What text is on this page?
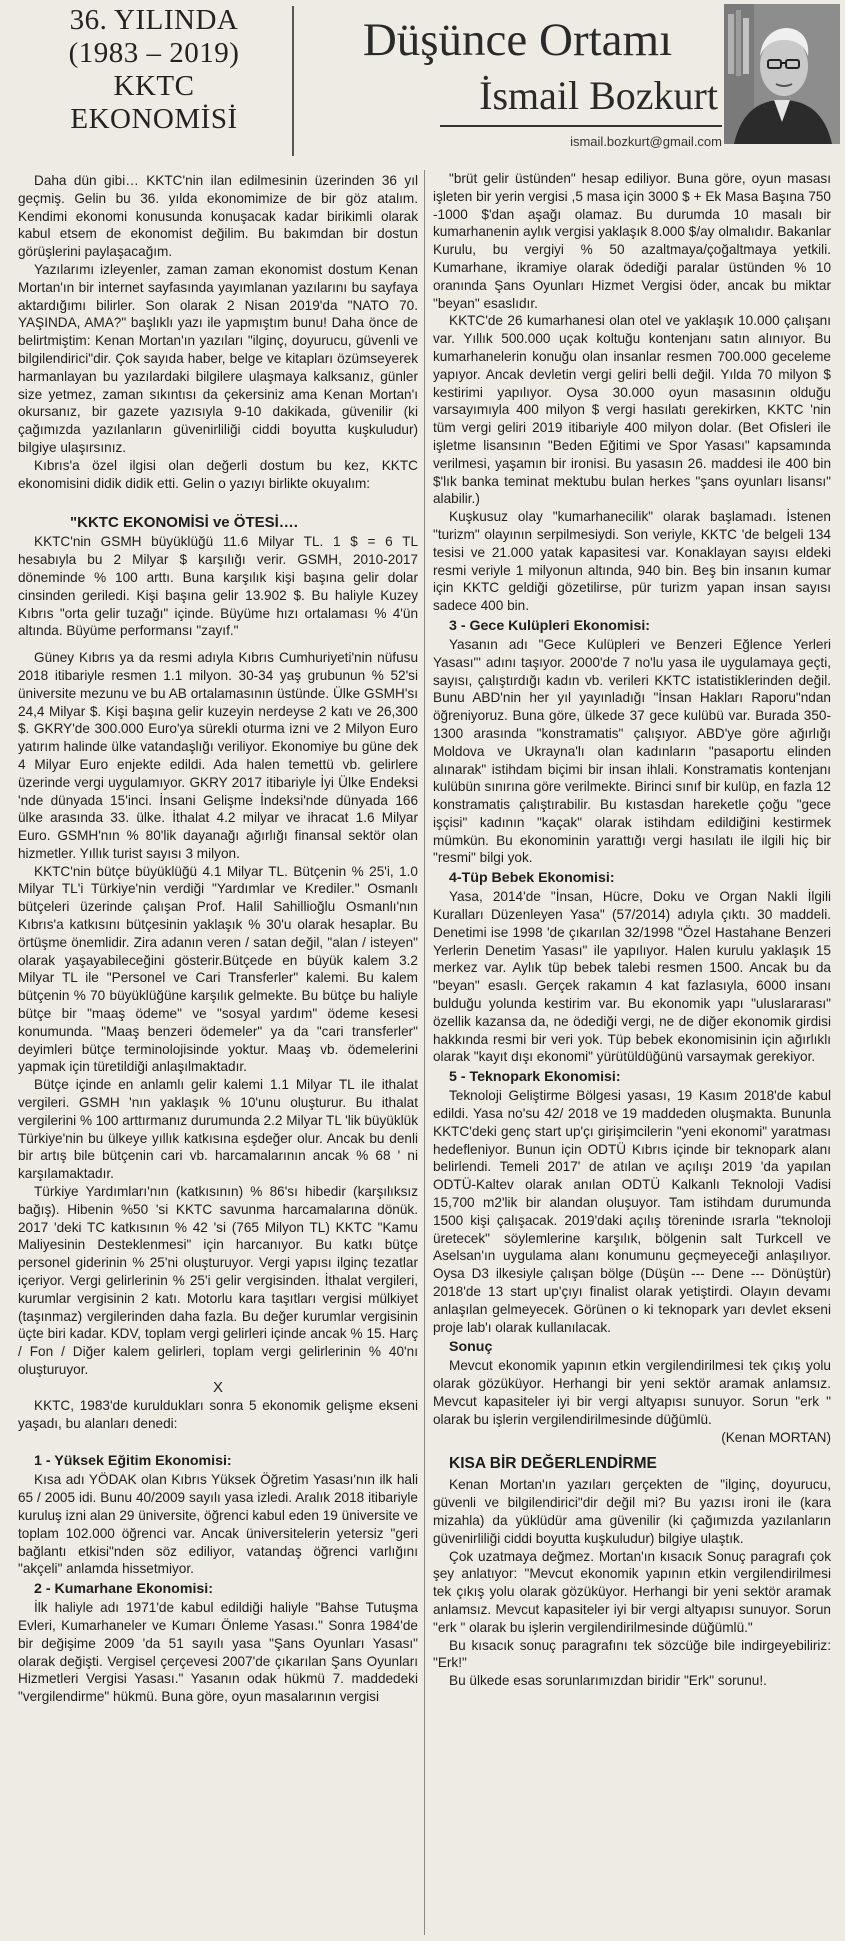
36. YILINDA
(1983 – 2019)
KKTC
EKONOMİSİ
Düşünce Ortamı
İsmail Bozkurt
ismail.bozkurt@gmail.com

Daha dün gibi… KKTC'nin ilan edilmesinin üzerinden 36 yıl geçmiş. Gelin bu 36. yılda ekonomimize de bir göz atalım. Kendimi ekonomi konusunda konuşacak kadar birikimli olarak kabul etsem de ekonomist değilim. Bu bakımdan bir dostun görüşlerini paylaşacağım.

Yazılarımı izleyenler, zaman zaman ekonomist dostum Kenan Mortan'ın bir internet sayfasında yayımlanan yazılarını bu sayfaya aktardığımı bilirler. Son olarak 2 Nisan 2019'da "NATO 70. YAŞINDA, AMA?" başlıklı yazı ile yapmıştım bunu! Daha önce de belirtmiştim: Kenan Mortan'ın yazıları "ilginç, doyurucu, güvenli ve bilgilendirici"dir. Çok sayıda haber, belge ve kitapları özümseyerek harmanlayan bu yazılardaki bilgilere ulaşmaya kalksanız, günler size yetmez, zaman sıkıntısı da çekersiniz ama Kenan Mortan'ı okursanız, bir gazete yazısıyla 9-10 dakikada, güvenilir (ki çağımızda yazılanların güvenirliliği ciddi boyutta kuşkuludur) bilgiye ulaşırsınız.

Kıbrıs'a özel ilgisi olan değerli dostum bu kez, KKTC ekonomisini didik didik etti. Gelin o yazıyı birlikte okuyalım:

"KKTC EKONOMİSİ ve ÖTESİ….

KKTC'nin GSMH büyüklüğü 11.6 Milyar TL. 1 $ = 6 TL hesabıyla bu 2 Milyar $ karşılığı verir. GSMH, 2010-2017 döneminde % 100 arttı. Buna karşılık kişi başına gelir dolar cinsinden geriledi. Kişi başına gelir 13.902 $. Bu haliyle Kuzey Kıbrıs "orta gelir tuzağı" içinde. Büyüme hızı ortalaması % 4'ün altında. Büyüme performansı "zayıf."

Güney Kıbrıs ya da resmi adıyla Kıbrıs Cumhuriyeti'nin nüfusu 2018 itibariyle resmen 1.1 milyon. 30-34 yaş grubunun % 52'si üniversite mezunu ve bu AB ortalamasının üstünde. Ülke GSMH'sı 24,4 Milyar $. Kişi başına gelir kuzeyin nerdeyse 2 katı ve 26,300 $. GKRY'de 300.000 Euro'ya sürekli oturma izni ve 2 Milyon Euro yatırım halinde ülke vatandaşlığı veriliyor. Ekonomiye bu güne dek 4 Milyar Euro enjekte edildi. Ada halen temettü vb. gelirlere üzerinde vergi uygulamıyor. GKRY 2017 itibariyle İyi Ülke Endeksi 'nde dünyada 15'inci. İnsani Gelişme İndeksi'nde dünyada 166 ülke arasında 33. ülke. İthalat 4.2 milyar ve ihracat 1.6 Milyar Euro. GSMH'nın % 80'lik dayanağı ağırlığı finansal sektör olan hizmetler. Yıllık turist sayısı 3 milyon.

KKTC'nin bütçe büyüklüğü 4.1 Milyar TL. Bütçenin % 25'i, 1.0 Milyar TL'i Türkiye'nin verdiği "Yardımlar ve Krediler." Osmanlı bütçeleri üzerinde çalışan Prof. Halil Sahillioğlu Osmanlı'nın Kıbrıs'a katkısını bütçesinin yaklaşık % 30'u olarak hesaplar. Bu örtüşme önemlidir. Zira adanın veren / satan değil, "alan / isteyen" olarak yaşayabileceğini gösterir.Bütçede en büyük kalem 3.2 Milyar TL ile "Personel ve Cari Transferler" kalemi. Bu kalem bütçenin % 70 büyüklüğüne karşılık gelmekte. Bu bütçe bu haliyle bütçe bir "maaş ödeme" ve "sosyal yardım" ödeme kesesi konumunda. "Maaş benzeri ödemeler" ya da "cari transferler" deyimleri bütçe terminolojisinde yoktur. Maaş vb. ödemelerini yapmak için türetildiği anlaşılmaktadır.

Bütçe içinde en anlamlı gelir kalemi 1.1 Milyar TL ile ithalat vergileri. GSMH 'nın yaklaşık % 10'unu oluşturur. Bu ithalat vergilerini % 100 arttırmanız durumunda 2.2 Milyar TL 'lik büyüklük Türkiye'nin bu ülkeye yıllık katkısına eşdeğer olur. Ancak bu denli bir artış bile bütçenin cari vb. harcamalarının ancak % 68 ' ni karşılamaktadır.

Türkiye Yardımları'nın (katkısının) % 86'sı hibedir (karşılıksız bağış). Hibenin %50 'si KKTC savunma harcamalarına dönük. 2017 'deki TC katkısının % 42 'si (765 Milyon TL) KKTC "Kamu Maliyesinin Desteklenmesi" için harcanıyor. Bu katkı bütçe personel giderinin % 25'ni oluşturuyor. Vergi yapısı ilginç tezatlar içeriyor. Vergi gelirlerinin % 25'i gelir vergisinden. İthalat vergileri, kurumlar vergisinin 2 katı. Motorlu kara taşıtları vergisi mülkiyet (taşınmaz) vergilerinden daha fazla. Bu değer kurumlar vergisinin üçte biri kadar. KDV, toplam vergi gelirleri içinde ancak % 15. Harç / Fon / Diğer kalem gelirleri, toplam vergi gelirlerinin % 40'nı oluşturuyor.

X

KKTC, 1983'de kuruldukları sonra 5 ekonomik gelişme ekseni yaşadı, bu alanları denedi:

1 - Yüksek Eğitim Ekonomisi:

Kısa adı YÖDAK olan Kıbrıs Yüksek Öğretim Yasası'nın ilk hali 65 / 2005 idi. Bunu 40/2009 sayılı yasa izledi. Aralık 2018 itibariyle kuruluş izni alan 29 üniversite, öğrenci kabul eden 19 üniversite ve toplam 102.000 öğrenci var. Ancak üniversitelerin yetersiz "geri bağlantı etkisi"nden söz ediliyor, vatandaş öğrenci varlığını "akçeli" anlamda hissetmiyor.

2 - Kumarhane Ekonomisi:

İlk haliyle adı 1971'de kabul edildiği haliyle "Bahse Tutuşma Evleri, Kumarhaneler ve Kumarı Önleme Yasası." Sonra 1984'de bir değişime 2009 'da 51 sayılı yasa "Şans Oyunları Yasası" olarak değişti. Vergisel çerçevesi 2007'de çıkarılan Şans Oyunları Hizmetleri Vergisi Yasası." Yasanın odak hükmü 7. maddedeki "vergilendirme" hükmü. Buna göre, oyun masalarının vergisi

"brüt gelir üstünden" hesap ediliyor. Buna göre, oyun masası işleten bir yerin vergisi ,5 masa için 3000 $ + Ek Masa Başına 750 -1000 $'dan aşağı olamaz. Bu durumda 10 masalı bir kumarhanenin aylık vergisi yaklaşık 8.000 $/ay olmalıdır. Bakanlar Kurulu, bu vergiyi % 50 azaltmaya/çoğaltmaya yetkili. Kumarhane, ikramiye olarak ödediği paralar üstünden % 10 oranında Şans Oyunları Hizmet Vergisi öder, ancak bu miktar "beyan" esaslıdır.

KKTC'de 26 kumarhanesi olan otel ve yaklaşık 10.000 çalışanı var. Yıllık 500.000 uçak koltuğu kontenjanı satın alınıyor. Bu kumarhanelerin konuğu olan insanlar resmen 700.000 geceleme yapıyor. Ancak devletin vergi geliri belli değil. Yılda 70 milyon $ kestirimi yapılıyor. Oysa 30.000 oyun masasının olduğu varsayımıyla 400 milyon $ vergi hasılatı gerekirken, KKTC 'nin tüm vergi geliri 2019 itibariyle 400 milyon dolar. (Bet Ofisleri ile işletme lisansının "Beden Eğitimi ve Spor Yasası" kapsamında verilmesi, yaşamın bir ironisi. Bu yasasın 26. maddesi ile 400 bin $'lık banka teminat mektubu bulan herkes "şans oyunları lisansı" alabilir.)

Kuşkusuz olay "kumarhanecilik" olarak başlamadı. İstenen "turizm" olayının serpilmesiydi. Son veriyle, KKTC 'de belgeli 134 tesisi ve 21.000 yatak kapasitesi var. Konaklayan sayısı eldeki resmi veriyle 1 milyonun altında, 940 bin. Beş bin insanın kumar için KKTC geldiği gözetilirse, pür turizm yapan insan sayısı sadece 400 bin.

3 - Gece Kulüpleri Ekonomisi:

Yasanın adı "Gece Kulüpleri ve Benzeri Eğlence Yerleri Yasası"' adını taşıyor. 2000'de 7 no'lu yasa ile uygulamaya geçti, sayısı, çalıştırdığı kadın vb. verileri KKTC istatistiklerinden değil. Bunu ABD'nin her yıl yayınladığı "İnsan Hakları Raporu"ndan öğreniyoruz. Buna göre, ülkede 37 gece kulübü var. Burada 350-1300 arasında "konstramatis" çalışıyor. ABD'ye göre ağırlığı Moldova ve Ukrayna'lı olan kadınların "pasaportu elinden alınarak" istihdam biçimi bir insan ihlali. Konstramatis kontenjanı kulübün sınırına göre verilmekte. Birinci sınıf bir kulüp, en fazla 12 konstramatis çalıştırabilir. Bu kıstasdan hareketle çoğu "gece işçisi" kadının "kaçak" olarak istihdam edildiğini kestirmek mümkün. Bu ekonominin yarattığı vergi hasılatı ile ilgili hiç bir "resmi" bilgi yok.

4-Tüp Bebek Ekonomisi:

Yasa, 2014'de "İnsan, Hücre, Doku ve Organ Nakli İlgili Kuralları Düzenleyen Yasa" (57/2014) adıyla çıktı. 30 maddeli. Denetimi ise 1998 'de çıkarılan 32/1998 "Özel Hastahane Benzeri Yerlerin Denetim Yasası" ile yapılıyor. Halen kurulu yaklaşık 15 merkez var. Aylık tüp bebek talebi resmen 1500. Ancak bu da "beyan" esaslı. Gerçek rakamın 4 kat fazlasıyla, 6000 insanı bulduğu yolunda kestirim var. Bu ekonomik yapı "uluslararası" özellik kazansa da, ne ödediği vergi, ne de diğer ekonomik girdisi hakkında resmi bir veri yok. Tüp bebek ekonomisinin için ağırlıklı olarak "kayıt dışı ekonomi" yürütüldüğünü varsaymak gerekiyor.

5 - Teknopark Ekonomisi:

Teknoloji Geliştirme Bölgesi yasası, 19 Kasım 2018'de kabul edildi. Yasa no'su 42/ 2018 ve 19 maddeden oluşmakta. Bununla KKTC'deki genç start up'çı girişimcilerin "yeni ekonomi" yaratması hedefleniyor. Bunun için ODTÜ Kıbrıs içinde bir teknopark alanı belirlendi. Temeli 2017' de atılan ve açılışı 2019 'da yapılan ODTÜ-Kaltev olarak anılan ODTÜ Kalkanlı Teknoloji Vadisi 15,700 m2'lik bir alandan oluşuyor. Tam istihdam durumunda 1500 kişi çalışacak. 2019'daki açılış töreninde ısrarla "teknoloji üretecek" söylemlerine karşılık, bölgenin salt Turkcell ve Aselsan'ın uygulama alanı konumunu geçmeyeceği anlaşılıyor. Oysa D3 ilkesiyle çalışan bölge (Düşün --- Dene --- Dönüştür) 2018'de 13 start up'çıyı finalist olarak yetiştirdi. Olayın devamı anlaşılan gelmeyecek. Görünen o ki teknopark yarı devlet ekseni proje lab'ı olarak kullanılacak.

Sonuç

Mevcut ekonomik yapının etkin vergilendirilmesi tek çıkış yolu olarak gözüküyor. Herhangi bir yeni sektör aramak anlamsız. Mevcut kapasiteler iyi bir vergi altyapısı sunuyor. Sorun "erk " olarak bu işlerin vergilendirilmesinde düğümlü.

(Kenan MORTAN)

KISA BİR DEĞERLENDİRME

Kenan Mortan'ın yazıları gerçekten de "ilginç, doyurucu, güvenli ve bilgilendirici"dir değil mi? Bu yazısı ironi ile (kara mizahla) da yüklüdür ama güvenilir (ki çağımızda yazılanların güvenirliliği ciddi boyutta kuşkuludur) bilgiye ulaştık.

Çok uzatmaya değmez. Mortan'ın kısacık Sonuç paragrafı çok şey anlatıyor: "Mevcut ekonomik yapının etkin vergilendirilmesi tek çıkış yolu olarak gözüküyor. Herhangi bir yeni sektör aramak anlamsız. Mevcut kapasiteler iyi bir vergi altyapısı sunuyor. Sorun "erk " olarak bu işlerin vergilendirilmesinde düğümlü."

Bu kısacık sonuç paragrafını tek sözcüğe bile indirgeyebiliriz: "Erk!"

Bu ülkede esas sorunlarımızdan biridir "Erk" sorunu!.
